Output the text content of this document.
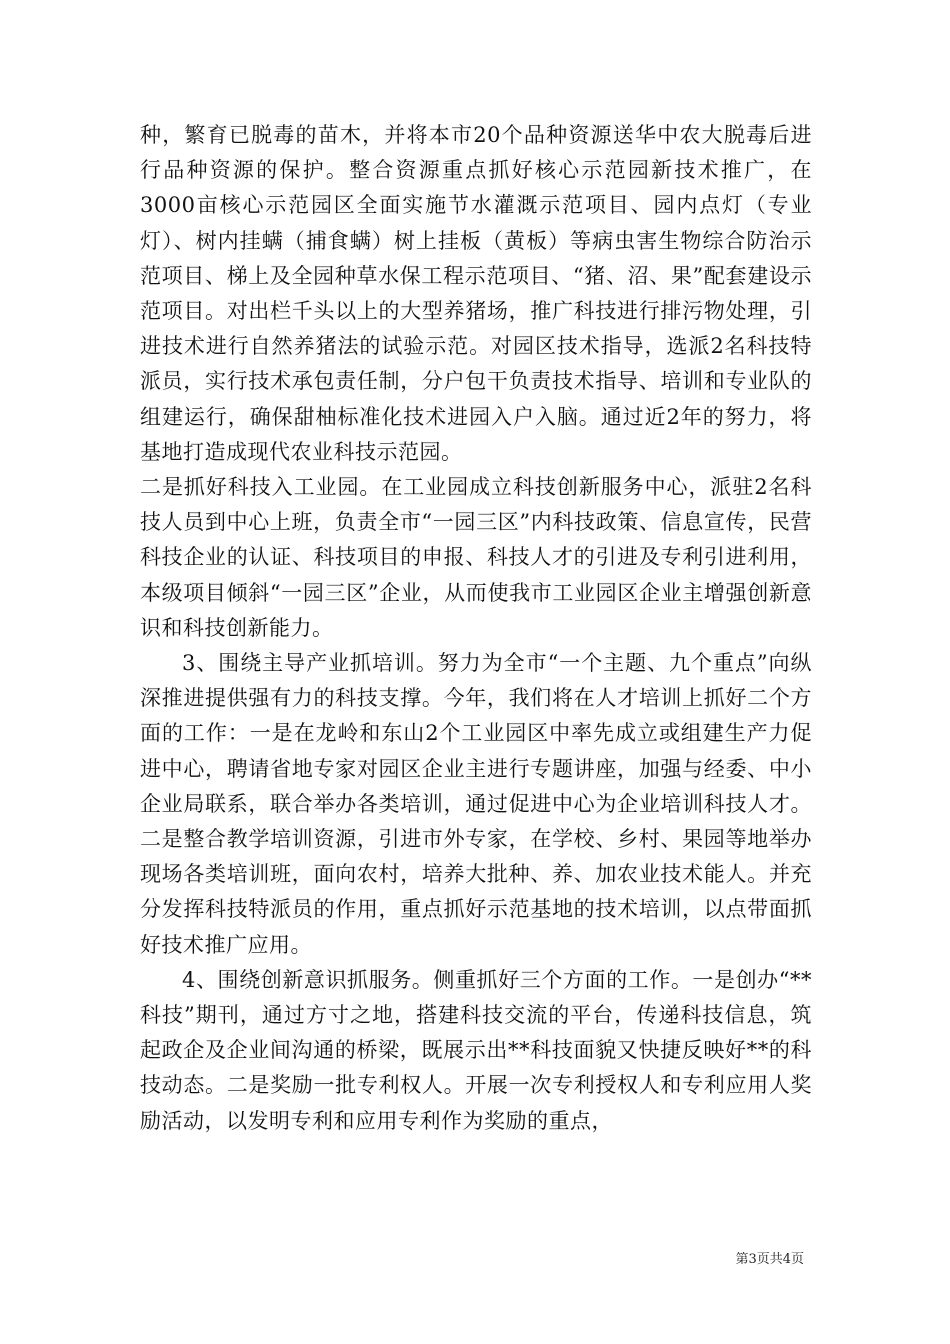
种，繁育已脱毒的苗木，并将本市20个品种资源送华中农大脱毒后进行品种资源的保护。整合资源重点抓好核心示范园新技术推广，在3000亩核心示范园区全面实施节水灌溉示范项目、园内点灯（专业灯）、树内挂螨（捕食螨）树上挂板（黄板）等病虫害生物综合防治示范项目、梯上及全园种草水保工程示范项目、“猪、沼、果”配套建设示范项目。对出栏千头以上的大型养猪场，推广科技进行排污物处理，引进技术进行自然养猪法的试验示范。对园区技术指导，选派2名科技特派员，实行技术承包责任制，分户包干负责技术指导、培训和专业队的组建运行，确保甜柚标准化技术进园入户入脑。通过近2年的努力，将基地打造成现代农业科技示范园。

二是抓好科技入工业园。在工业园成立科技创新服务中心，派驻2名科技人员到中心上班，负责全市“一园三区”内科技政策、信息宣传，民营科技企业的认证、科技项目的申报、科技人才的引进及专利引进利用，本级项目倾斜“一园三区”企业，从而使我市工业园区企业主增强创新意识和科技创新能力。

3、围绕主导产业抓培训。努力为全市“一个主题、九个重点”向纵深推进提供强有力的科技支撑。今年，我们将在人才培训上抓好二个方面的工作：一是在龙岭和东山2个工业园区中率先成立或组建生产力促进中心，聘请省地专家对园区企业主进行专题讲座，加强与经委、中小企业局联系，联合举办各类培训，通过促进中心为企业培训科技人才。二是整合教学培训资源，引进市外专家，在学校、乡村、果园等地举办现场各类培训班，面向农村，培养大批种、养、加农业技术能人。并充分发挥科技特派员的作用，重点抓好示范基地的技术培训，以点带面抓好技术推广应用。

4、围绕创新意识抓服务。侧重抓好三个方面的工作。一是创办“**科技”期刊，通过方寸之地，搭建科技交流的平台，传递科技信息，筑起政企及企业间沟通的桥梁，既展示出**科技面貌又快捷反映好**的科技动态。二是奖励一批专利权人。开展一次专利授权人和专利应用人奖励活动，以发明专利和应用专利作为奖励的重点，

第3页共4页
